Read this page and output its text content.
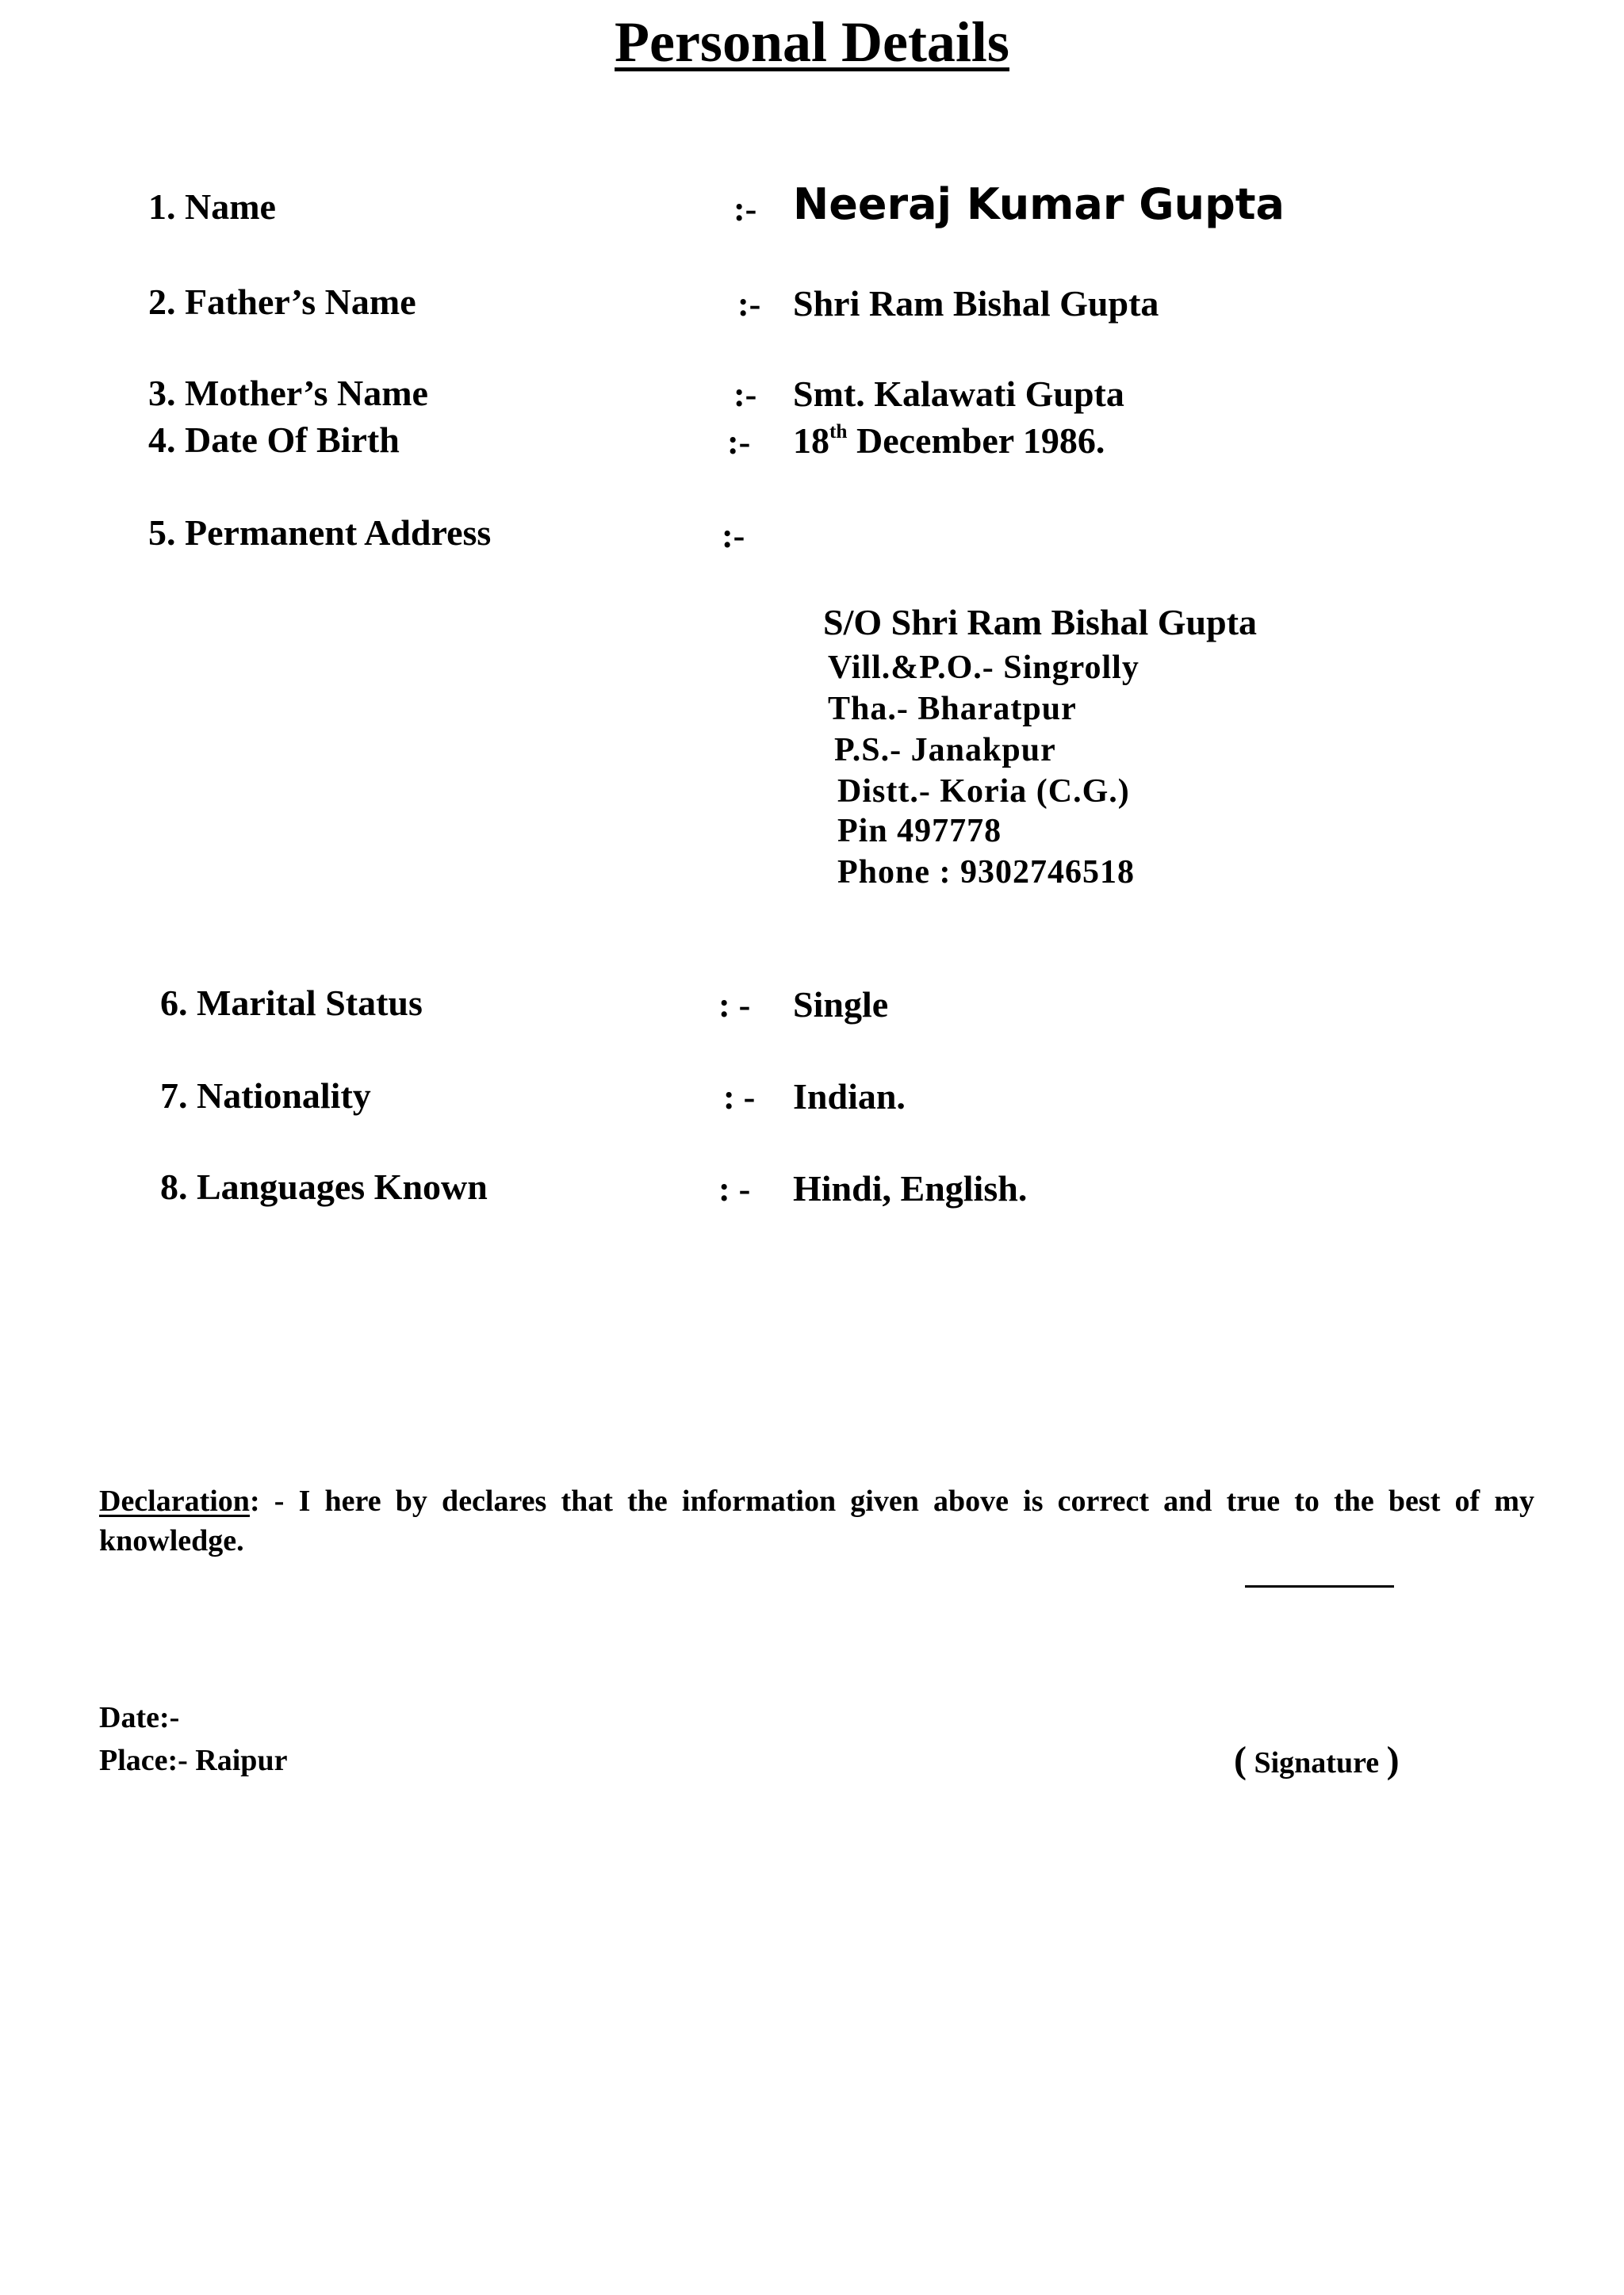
Personal Details
1. Name	:- Neeraj Kumar Gupta
2. Father’s Name	:- Shri Ram Bishal Gupta
3. Mother’s Name	:- Smt. Kalawati Gupta
4. Date Of Birth	:- 18th December 1986.
5. Permanent Address	:-
S/O Shri Ram Bishal Gupta
Vill.&P.O.- Singrolly
Tha.- Bharatpur
P.S.- Janakpur
Distt.- Koria (C.G.)
Pin 497778
Phone : 9302746518
6. Marital Status	: - Single
7. Nationality	: - Indian.
8. Languages Known	: - Hindi, English.
Declaration: - I here by declares that the information given above is correct and true to the best of my knowledge.
Date:-
Place:- Raipur	( Signature )
